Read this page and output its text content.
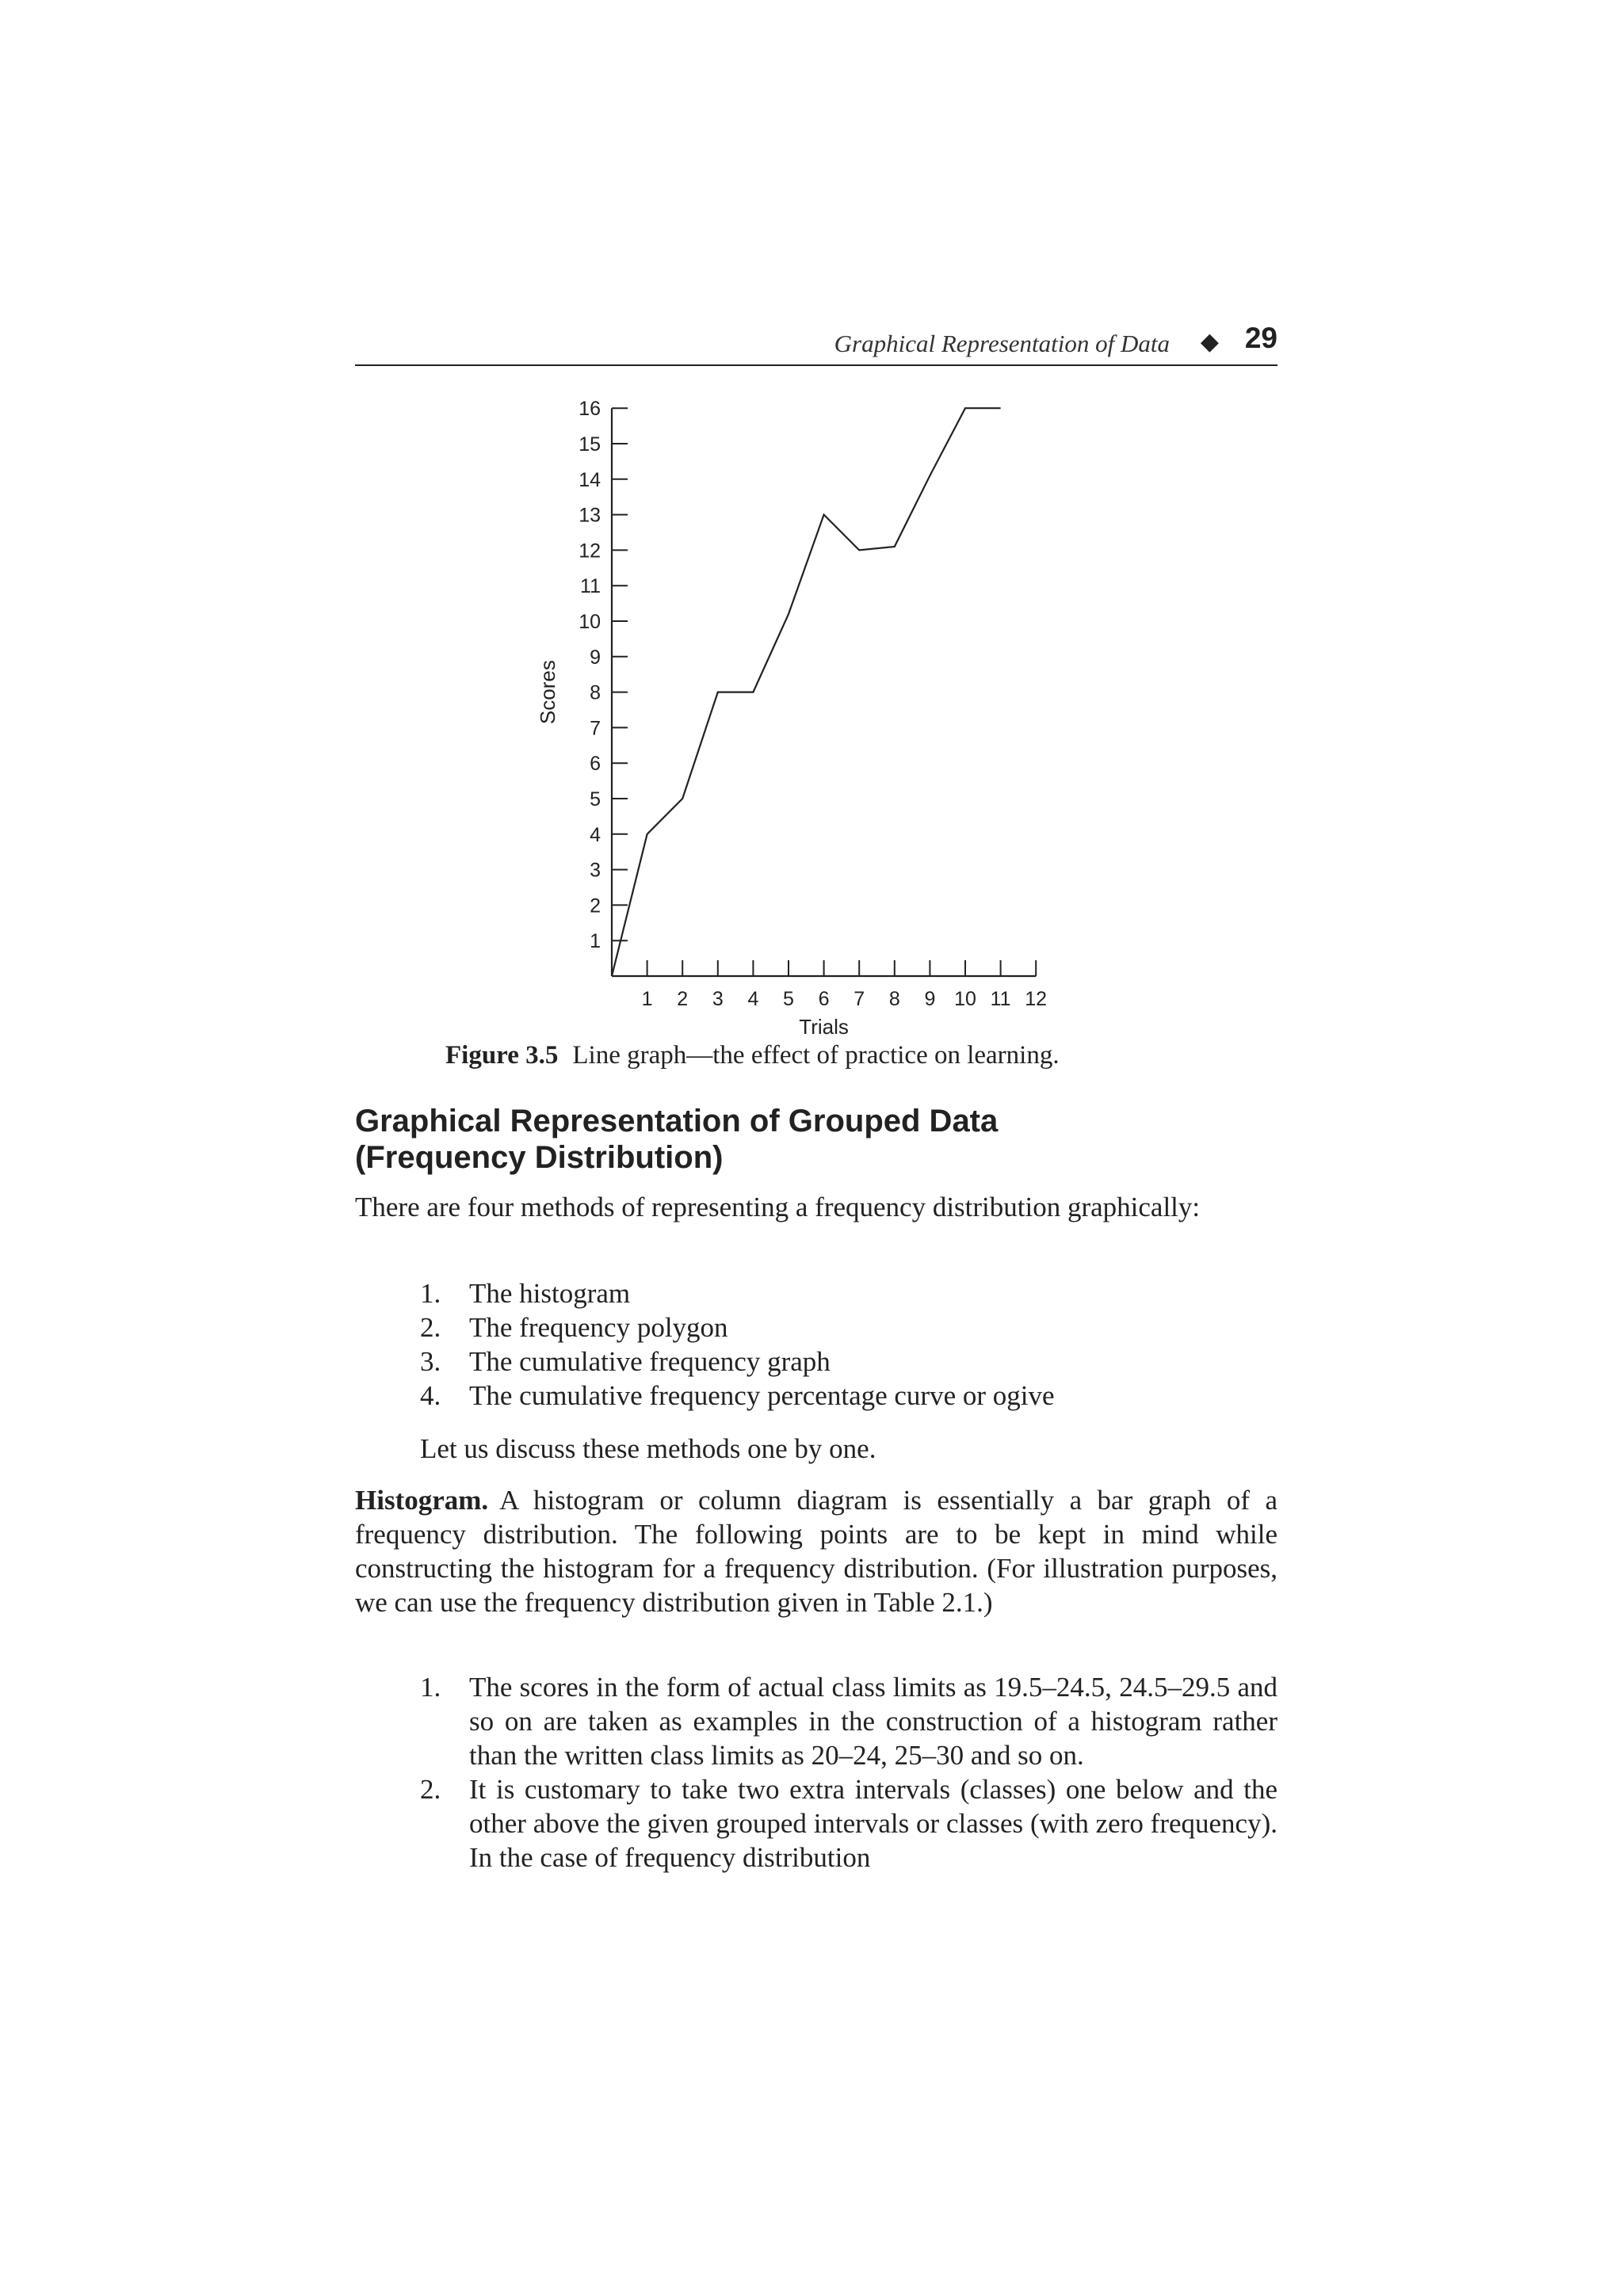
Graphical Representation of Data ◆ 29
1
2
3
4
5
6
7
8
9
10
11
12
13
14
15
16
1 2 3 4 5 6 7 8 9 10 11 12
Trials
Scores
Figure 3.5 Line graph—the effect of practice on learning.
Graphical Representation of Grouped Data
(Frequency Distribution)
There are four methods of representing a frequency distribution graphically:
1. The histogram
2. The frequency polygon
3. The cumulative frequency graph
4. The cumulative frequency percentage curve or ogive
Let us discuss these methods one by one.
Histogram. A histogram or column diagram is essentially a bar graph of a frequency distribution. The following points are to be kept in mind while constructing the histogram for a frequency distribution. (For illustration purposes, we can use the frequency distribution given in Table 2.1.)
1. The scores in the form of actual class limits as 19.5–24.5, 24.5–29.5 and so on are taken as examples in the construction of a histogram rather than the written class limits as 20–24, 25–30 and so on.
2. It is customary to take two extra intervals (classes) one below and the other above the given grouped intervals or classes (with zero frequency). In the case of frequency distribution
